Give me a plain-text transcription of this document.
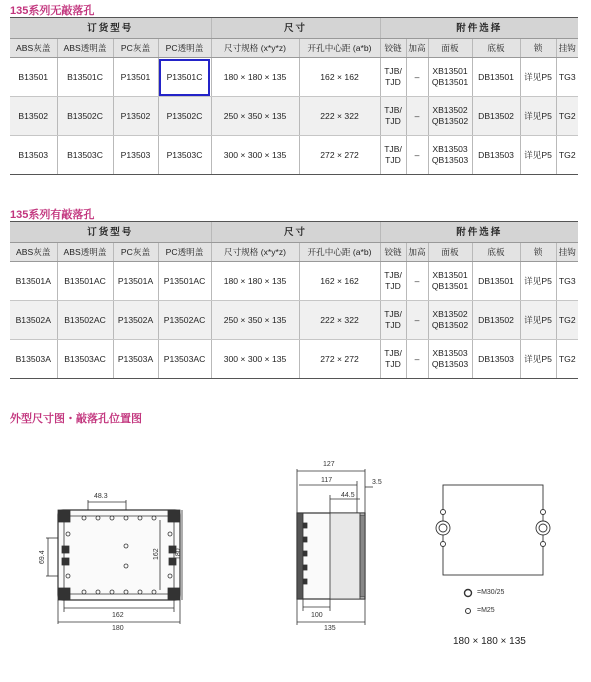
135系列无敲落孔
订货型号				尺寸		附件选择					
ABS灰盖	ABS透明盖	PC灰盖	PC透明盖	尺寸规格 (x*y*z)	开孔中心距 (a*b)	铰链	加高	面板	底板	锁	挂钩
B13501	B13501C	P13501	P13501C	180 × 180 × 135	162 × 162	TJB/ TJD	–	XB13501 QB13501	DB13501	详见P5	TG3
B13502	B13502C	P13502	P13502C	250 × 350 × 135	222 × 322	TJB/ TJD	–	XB13502 QB13502	DB13502	详见P5	TG2
B13503	B13503C	P13503	P13503C	300 × 300 × 135	272 × 272	TJB/ TJD	–	XB13503 QB13503	DB13503	详见P5	TG2
135系列有敲落孔
订货型号				尺寸		附件选择					
ABS灰盖	ABS透明盖	PC灰盖	PC透明盖	尺寸规格 (x*y*z)	开孔中心距 (a*b)	铰链	加高	面板	底板	锁	挂钩
B13501A	B13501AC	P13501A	P13501AC	180 × 180 × 135	162 × 162	TJB/ TJD	–	XB13501 QB13501	DB13501	详见P5	TG3
B13502A	B13502AC	P13502A	P13502AC	250 × 350 × 135	222 × 322	TJB/ TJD	–	XB13502 QB13502	DB13502	详见P5	TG2
B13503A	B13503AC	P13503A	P13503AC	300 × 300 × 135	272 × 272	TJB/ TJD	–	XB13503 QB13503	DB13503	详见P5	TG2
外型尺寸图・敲落孔位置图
48.3
69.4	162 180
162
180
127
117	3.5
44.5
100
135
=M30/25
=M25
180 × 180 × 135
